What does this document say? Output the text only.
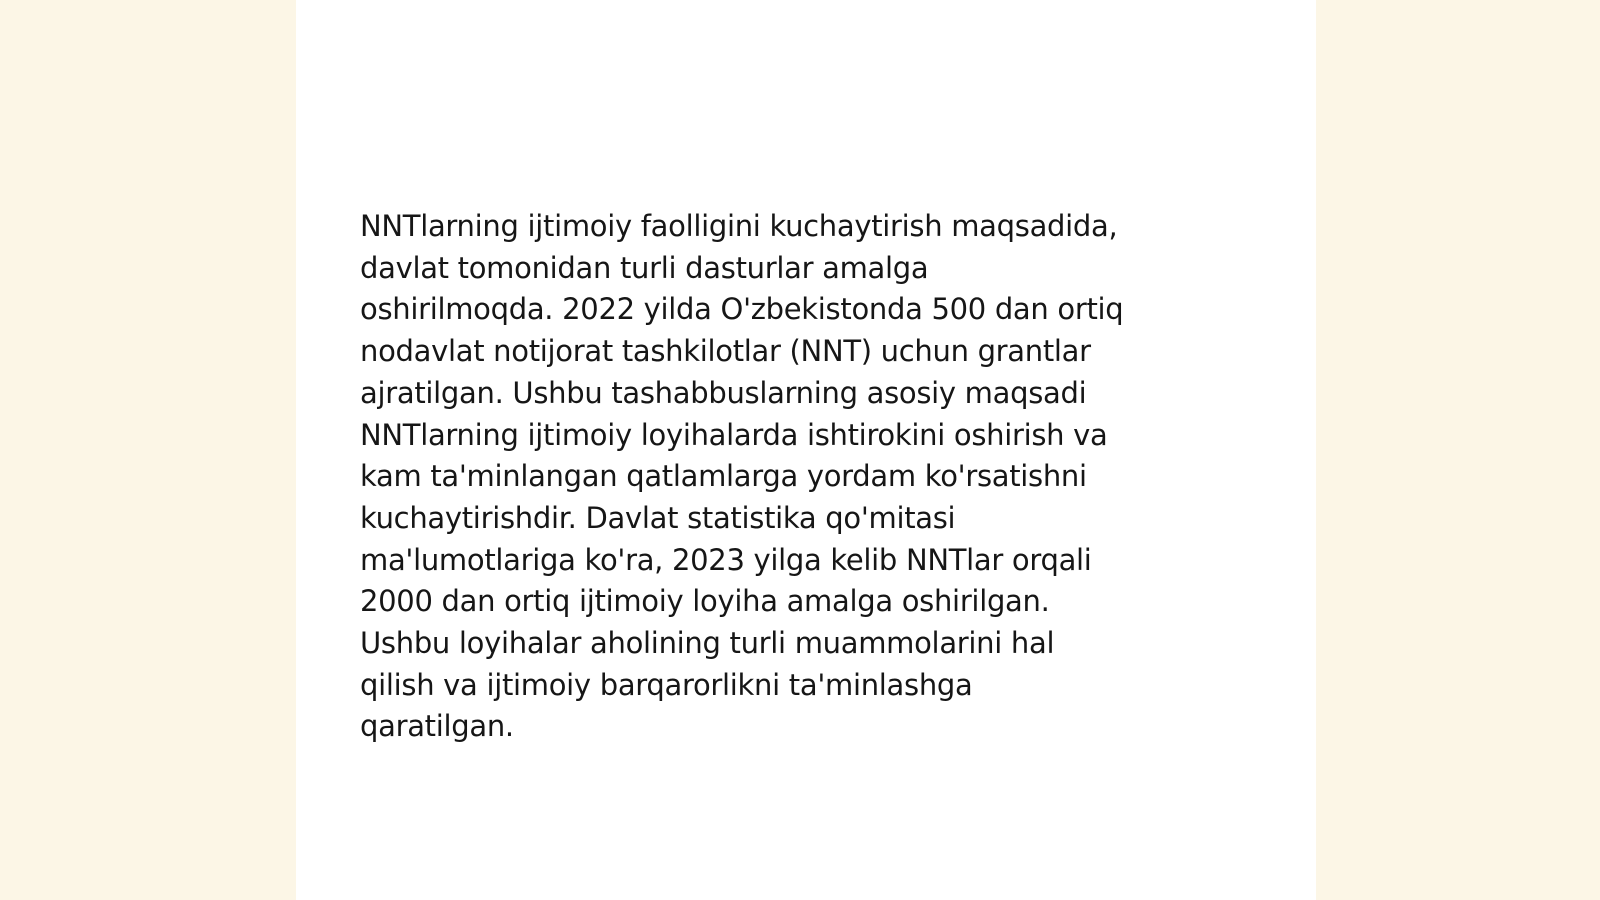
NNTlarning ijtimoiy faolligini kuchaytirish maqsadida,
davlat tomonidan turli dasturlar amalga
oshirilmoqda. 2022 yilda O'zbekistonda 500 dan ortiq
nodavlat notijorat tashkilotlar (NNT) uchun grantlar
ajratilgan. Ushbu tashabbuslarning asosiy maqsadi
NNTlarning ijtimoiy loyihalarda ishtirokini oshirish va
kam ta'minlangan qatlamlarga yordam ko'rsatishni
kuchaytirishdir. Davlat statistika qo'mitasi
ma'lumotlariga ko'ra, 2023 yilga kelib NNTlar orqali
2000 dan ortiq ijtimoiy loyiha amalga oshirilgan.
Ushbu loyihalar aholining turli muammolarini hal
qilish va ijtimoiy barqarorlikni ta'minlashga
qaratilgan.
